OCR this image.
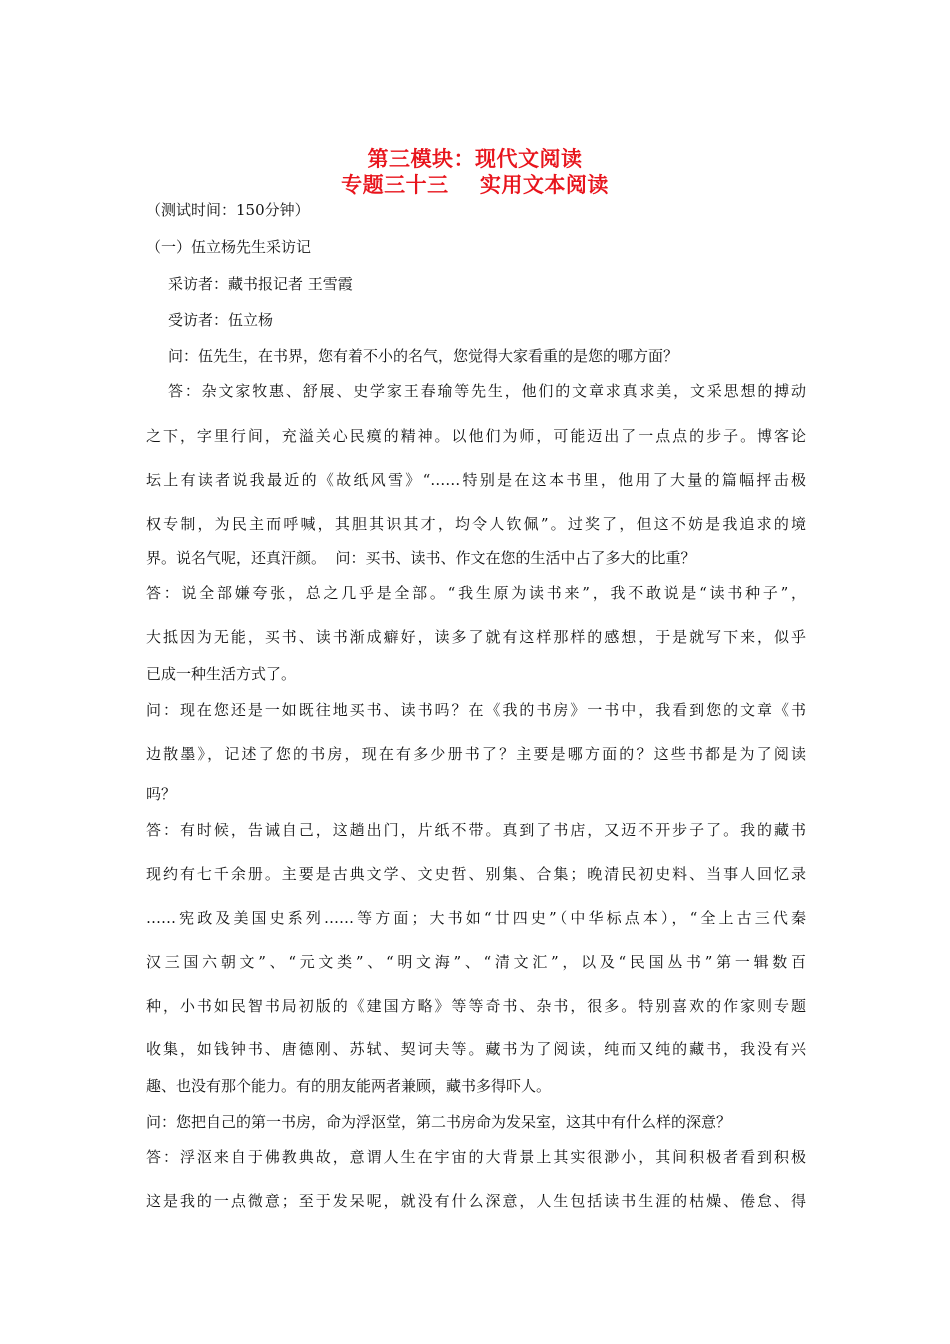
第三模块：现代文阅读
专题三十三    实用文本阅读
（测试时间：150分钟）
（一）伍立杨先生采访记
采访者：藏书报记者 王雪霞
受访者：伍立杨
问：伍先生，在书界，您有着不小的名气，您觉得大家看重的是您的哪方面？
答：杂文家牧惠、舒展、史学家王春瑜等先生，他们的文章求真求美，文采思想的搏动
之下，字里行间，充溢关心民瘼的精神。以他们为师，可能迈出了一点点的步子。博客论
坛上有读者说我最近的《故纸风雪》“……特别是在这本书里，他用了大量的篇幅抨击极
权专制，为民主而呼喊，其胆其识其才，均令人钦佩”。过奖了，但这不妨是我追求的境
界。说名气呢，还真汗颜。  问：买书、读书、作文在您的生活中占了多大的比重？
答：说全部嫌夸张，总之几乎是全部。“我生原为读书来”，我不敢说是“读书种子”，
大抵因为无能，买书、读书渐成癖好，读多了就有这样那样的感想，于是就写下来，似乎
已成一种生活方式了。
问：现在您还是一如既往地买书、读书吗？在《我的书房》一书中，我看到您的文章《书
边散墨》，记述了您的书房，现在有多少册书了？主要是哪方面的？这些书都是为了阅读
吗？
答：有时候，告诫自己，这趟出门，片纸不带。真到了书店，又迈不开步子了。我的藏书
现约有七千余册。主要是古典文学、文史哲、别集、合集；晚清民初史料、当事人回忆录
……宪政及美国史系列……等方面；大书如“廿四史”（中华标点本），“全上古三代秦
汉三国六朝文”、“元文类”、“明文海”、“清文汇”，以及“民国丛书”第一辑数百
种，小书如民智书局初版的《建国方略》等等奇书、杂书，很多。特别喜欢的作家则专题
收集，如钱钟书、唐德刚、苏轼、契诃夫等。藏书为了阅读，纯而又纯的藏书，我没有兴
趣、也没有那个能力。有的朋友能两者兼顾，藏书多得吓人。
问：您把自己的第一书房，命为浮沤堂，第二书房命为发呆室，这其中有什么样的深意？
答：浮沤来自于佛教典故，意谓人生在宇宙的大背景上其实很渺小，其间积极者看到积极
这是我的一点微意；至于发呆呢，就没有什么深意，人生包括读书生涯的枯燥、倦怠、得
